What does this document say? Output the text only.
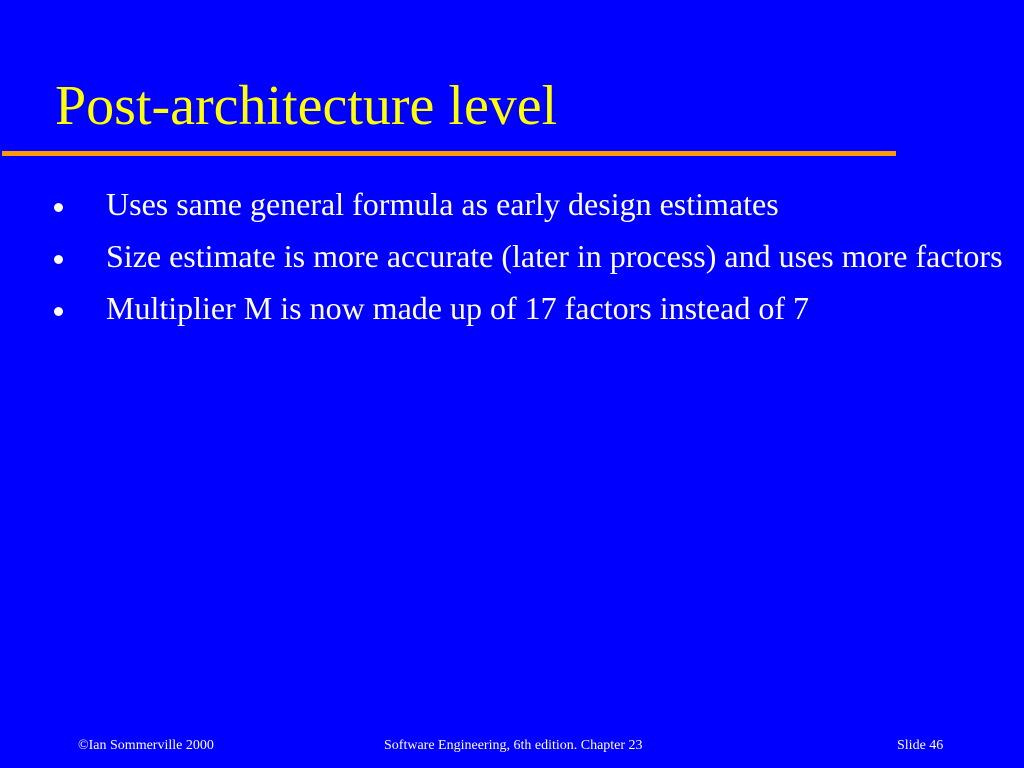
Post-architecture level
Uses same general formula as early design estimates
Size estimate is more accurate (later in process) and uses more factors
Multiplier M is now made up of 17 factors instead of 7
©Ian Sommerville 2000	Software Engineering, 6th edition. Chapter 23	Slide 46
